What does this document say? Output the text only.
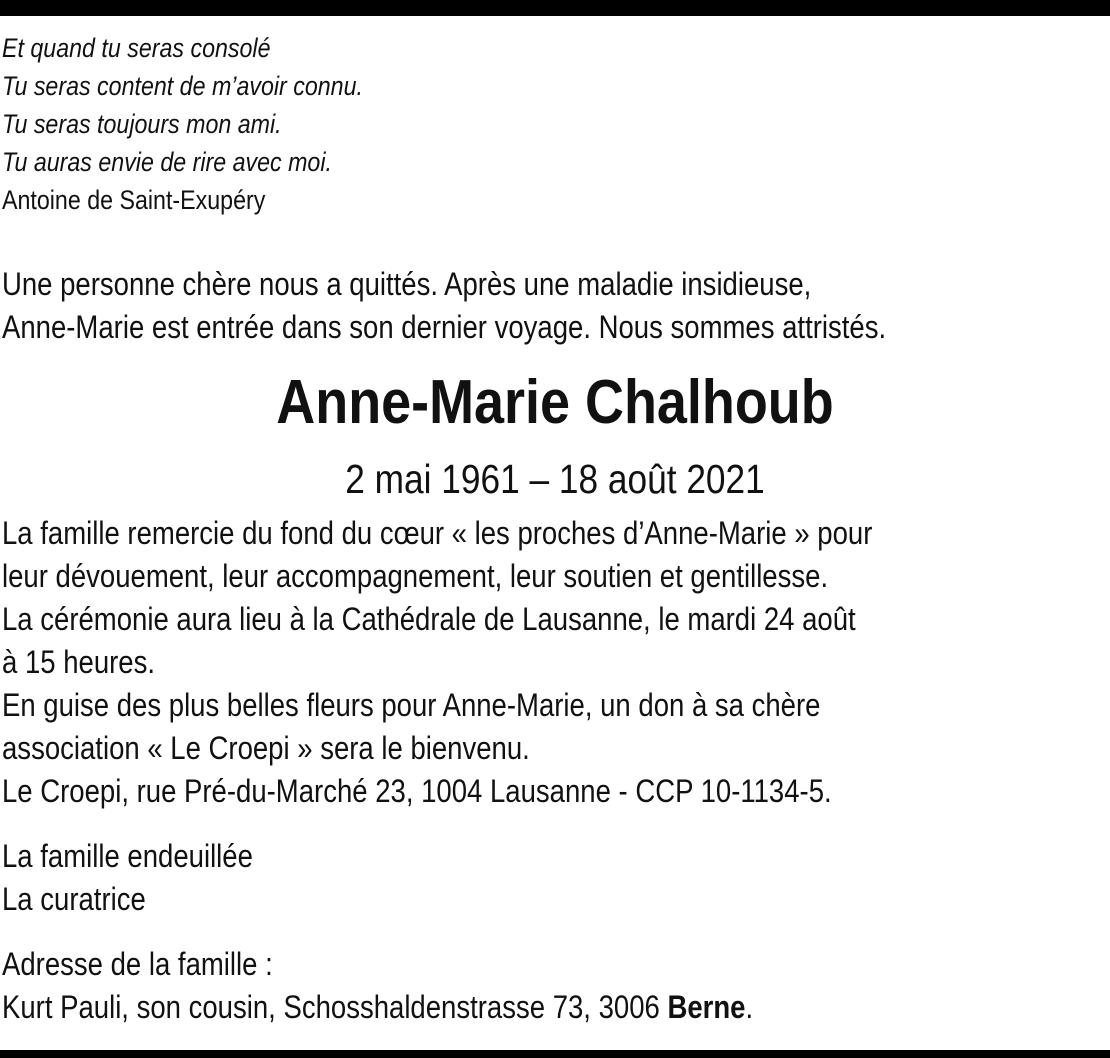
Et quand tu seras consolé
Tu seras content de m’avoir connu.
Tu seras toujours mon ami.
Tu auras envie de rire avec moi.
Antoine de Saint-Exupéry
Une personne chère nous a quittés. Après une maladie insidieuse,
Anne-Marie est entrée dans son dernier voyage. Nous sommes attristés.
Anne-Marie Chalhoub
2 mai 1961 – 18 août 2021
La famille remercie du fond du cœur « les proches d’Anne-Marie » pour
leur dévouement, leur accompagnement, leur soutien et gentillesse.
La cérémonie aura lieu à la Cathédrale de Lausanne, le mardi 24 août
à 15 heures.
En guise des plus belles fleurs pour Anne-Marie, un don à sa chère
association « Le Croepi » sera le bienvenu.
Le Croepi, rue Pré-du-Marché 23, 1004 Lausanne - CCP 10-1134-5.
La famille endeuillée
La curatrice
Adresse de la famille :
Kurt Pauli, son cousin, Schosshaldenstrasse 73, 3006 Berne.
